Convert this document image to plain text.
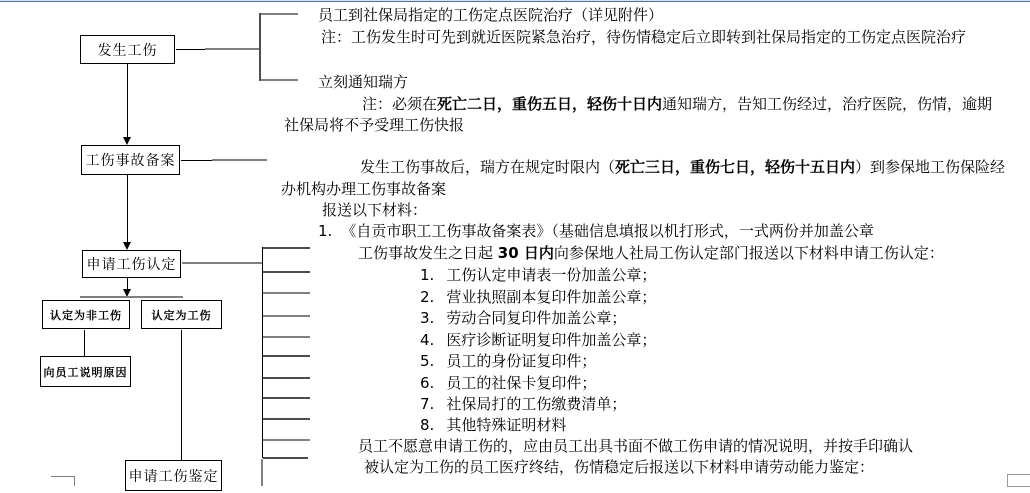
发生工伤
工伤事故备案
申请工伤认定
认定为非工伤	认定为工伤
向员工说明原因
申请工伤鉴定
员工到社保局指定的工伤定点医院治疗（详见附件）
注：工伤发生时可先到就近医院紧急治疗，待伤情稳定后立即转到社保局指定的工伤定点医院治疗
立刻通知瑞方
注：必须在死亡二日，重伤五日，轻伤十日内通知瑞方，告知工伤经过，治疗医院，伤情，逾期
社保局将不予受理工伤快报
发生工伤事故后，瑞方在规定时限内（死亡三日，重伤七日，轻伤十五日内）到参保地工伤保险经
办机构办理工伤事故备案
报送以下材料：
1. 《自贡市职工工伤事故备案表》（基础信息填报以机打形式，一式两份并加盖公章
工伤事故发生之日起 30 日内向参保地人社局工伤认定部门报送以下材料申请工伤认定：
1. 工伤认定申请表一份加盖公章；
2. 营业执照副本复印件加盖公章；
3. 劳动合同复印件加盖公章；
4. 医疗诊断证明复印件加盖公章；
5. 员工的身份证复印件；
6. 员工的社保卡复印件；
7. 社保局打的工伤缴费清单；
8. 其他特殊证明材料
员工不愿意申请工伤的，应由员工出具书面不做工伤申请的情况说明，并按手印确认
被认定为工伤的员工医疗终结，伤情稳定后报送以下材料申请劳动能力鉴定：
